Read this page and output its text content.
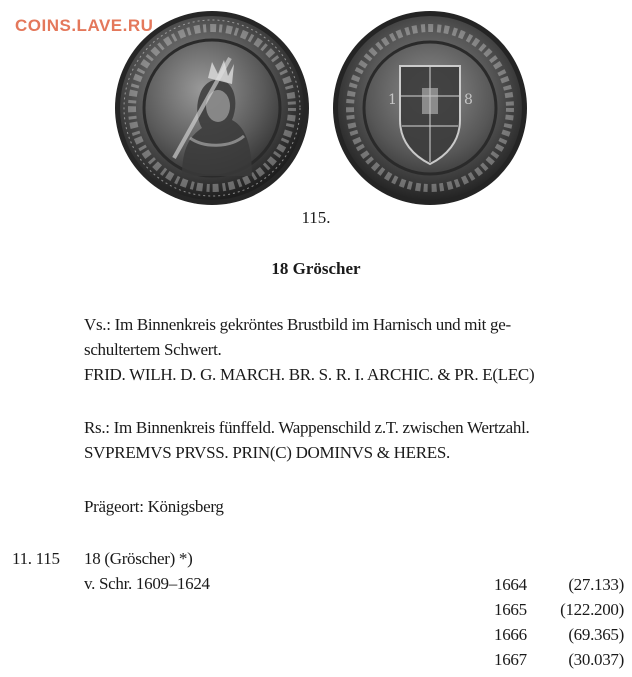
COINS.LAVE.RU
1	8
115.
18 Gröscher
Vs.: Im Binnenkreis gekröntes Brustbild im Harnisch und mit ge-
schultertem Schwert.
FRID. WILH. D. G. MARCH. BR. S. R. I. ARCHIC. & PR. E(LEC)
Rs.: Im Binnenkreis fünffeld. Wappenschild z.T. zwischen Wertzahl.
SVPREMVS PRVSS. PRIN(C) DOMINVS & HERES.
Prägeort: Königsberg
11. 115 18 (Gröscher) *)
v. Schr. 1609–1624	1664 (27.133)
1665 (122.200)
1666 (69.365)
1667 (30.037)
